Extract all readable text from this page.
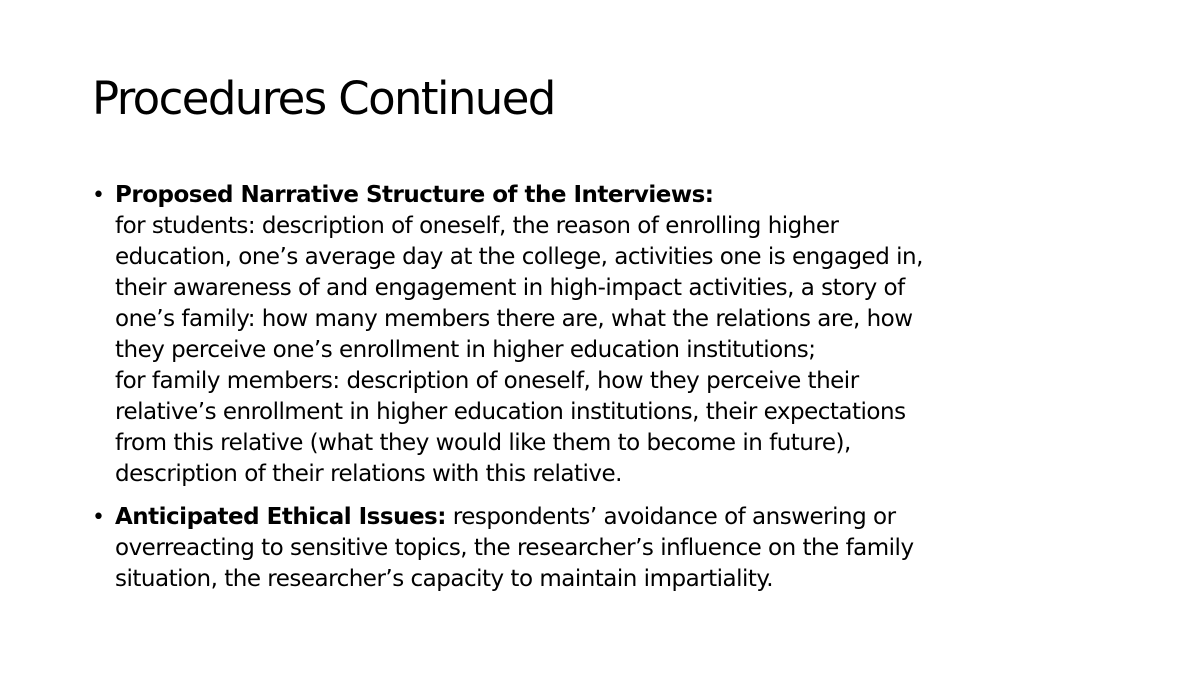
Procedures Continued
• Proposed Narrative Structure of the Interviews:
for students: description of oneself, the reason of enrolling higher
education, one’s average day at the college, activities one is engaged in,
their awareness of and engagement in high-impact activities, a story of
one’s family: how many members there are, what the relations are, how
they perceive one’s enrollment in higher education institutions;
for family members: description of oneself, how they perceive their
relative’s enrollment in higher education institutions, their expectations
from this relative (what they would like them to become in future),
description of their relations with this relative.
• Anticipated Ethical Issues: respondents’ avoidance of answering or
overreacting to sensitive topics, the researcher’s influence on the family
situation, the researcher’s capacity to maintain impartiality.
